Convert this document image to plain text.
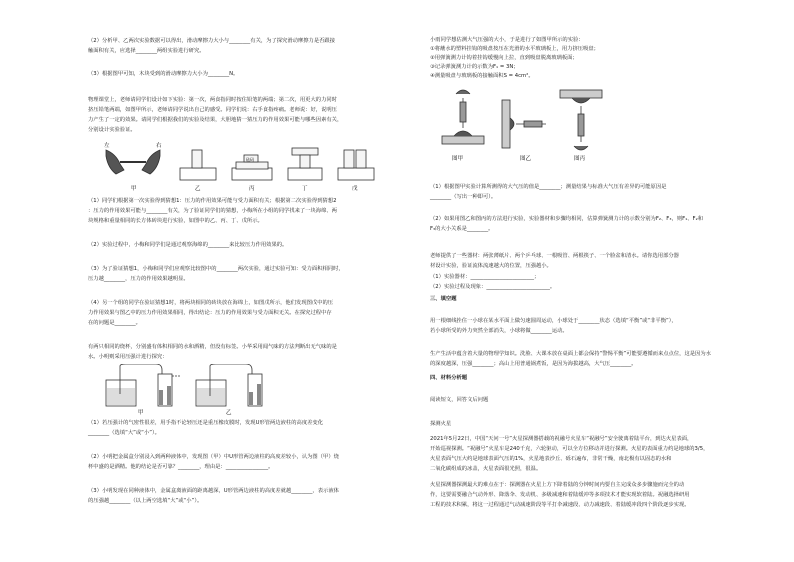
（2）分析甲、乙两次实验数据可以得出，滑动摩擦力大小与________有关，为了探究滑动摩擦力是否跟接
触面积有关，应选择________两组实验进行研究。
（3）根据图甲可知，木块受到的滑动摩擦力大小为________N。
物理课堂上，老师请同学们设计如下实验：第一次，两食指同时按住铅笔的两端；第二次，用更大的力同时
挤压铅笔两端，如图甲所示，老师请同学说出自己的感受。同学们说：右手食指疼痛。老师说：好，说明压
力产生了一定的效果。请同学们根据我们的实验及结果，大胆地猜一猜压力的作用效果可能与哪些因素有关，
分别设计实验验证。
左	右
甲	乙
砝码
丙	丁	戊
（1）同学们根据第一次实验得到猜想1：压力的作用效果可能与受力面积有关；根据第二次实验得到猜想2
：压力的作用效果可能与________有关，为了验证同学们的猜想，小梅所在小组的同学找来了一块海绵、两
块规格和重量相同的长方体砖块进行实验，如图中的乙、丙、丁、戊所示。
（2）实验过程中，小梅和同学们是通过观察海绵的________来比较压力作用效果的。
（3）为了验证猜想1，小梅和同学们应观察比较图中的________两次实验，通过实验可知：受力面积相同时，
压力越________，压力的作用效果越明显。
（4）另一个组的同学在验证猜想1时，将两块相同的砖块放在海绵上，如图戊所示，他们发现图戊中的压
力作用效果与图乙中的压力作用效果相同，得出结论：压力的作用效果与受力面积无关。在探究过程中存
在的问题是________。
有两只相同的烧杯，分别盛有体积相同的水和酒精，但没有标签。小华采用闻气味的方法判断出无气味的是
水。小明则采用压强计进行探究：
甲	乙
（1）若压强计的气密性很差，用手指不论轻压还是重压橡皮膜时，发现U形管两边液柱的高度差变化
________（选填“大”或“小”）。
（2）小明把金属盒分别浸入到两种液体中，发现图（甲）中U形管两边液柱的高度差较小，认为图（甲）烧
杯中盛的是酒精。他的结论是否可靠？________，理由是：________________。
（3）小明发现在同种液体中，金属盒离液面的距离越深，U形管两边液柱的高度差就越________，表示液体
的压强越________（以上两空选填“大”或“小”）。
小雨同学想估测大气压强的大小，于是进行了如图甲所示的实验：
①将蘸水的塑料挂钩的吸盘按压在光滑的水平玻璃板上，用力挤压吸盘；
②用弹簧测力计钩着挂钩缓慢向上拉，直到吸盘脱离玻璃板面；
③记录弹簧测力计的示数为F₁ = 3N；
④测量吸盘与玻璃板的接触面积S = 4cm²。
图甲	图乙	图丙
（1）根据图甲实验计算所测得的大气压的值是________；测量结果与标准大气压有差异的可能原因是
________（写出一种即可）。
（2）如果用图乙和图丙的方法进行实验，实验器材和步骤均相同，估算弹簧测力计的示数分别为F₂、F₃，则F₁、F₂和
F₃的大小关系是________。
老师提供了一些器材：两张薄纸片、两个乒乓球、一根吸管、两根筷子、一个脸盆和清水。请你选用部分器
材设计实验，验证流体流速越大的位置，压强越小。
（1）实验器材：________________________；
（2）实验过程及现象：________________________。
三、填空题
用一根细线拴住一小球在某水平面上做匀速圆周运动，小球处于________状态（选填“平衡”或“非平衡”），
若小球所受的外力突然全部消失，小球将做________运动。
生产生活中蕴含着大量的物理学知识。洗脸、大课本放在桌面上都会保持“警惕平衡”可能要遵循而来点点位，这是因为水
的深度越深，压强________；高山上用普通锅煮饭，是因为海拔越高，大气压________。
四、材料分析题
阅读短文，回答文后问题
探测火星
2021年5月22日，中国“天问一号”火星探测器搭载的祝融号火星车“祝融号”安全驶离着陆平台，到达火星表面，
开始巡视探测。“祝融号”火星车是240千克，六轮驱动，可以全方位移动并进行探测。火星的表面重力约是地球的3/5，
火星表面气压大约是地球表面气压的1%，火星地表沙丘、砾石遍布，非常干燥，南北极有以固态的水和
二氧化碳组成的冰盖，火星表面很光照，很温。
火星探测器探测最大的难点在于：探测器在火星上方下降着陆的分钟时间内要自主完成众多步骤施而完全的动
作，这要需要融合气动外形、降落伞、发动机、多级减速和着陆缓冲等多项技术才能实现软着陆。祝融选择研用
工程的技术积累，将这一过程通过气动减速阶段等平打伞减速段、动力减速段、着陆缓冲段四个阶段逐步实现。
